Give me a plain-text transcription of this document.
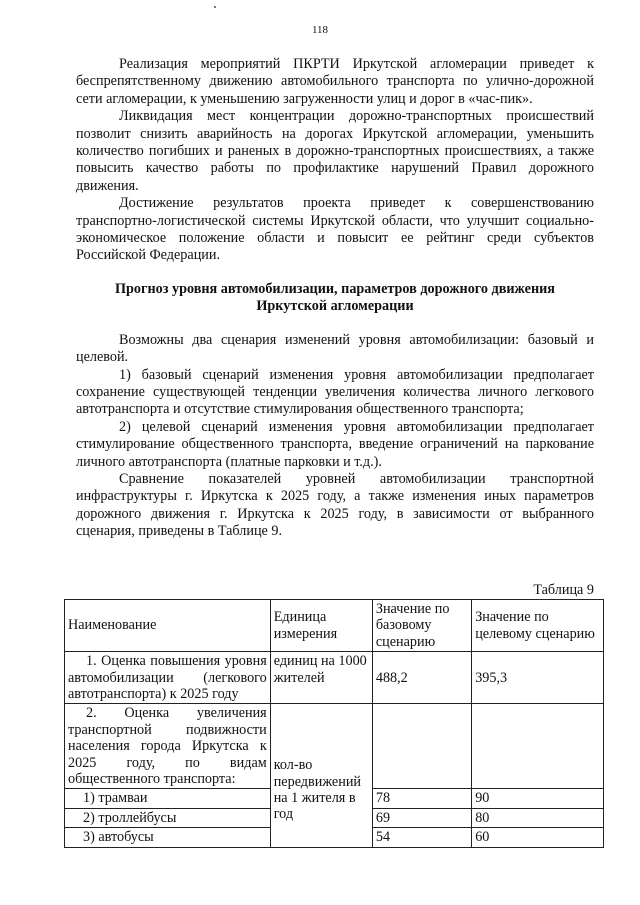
118

Реализация мероприятий ПКРТИ Иркутской агломерации приведет к беспрепятственному движению автомобильного транспорта по улично-дорожной сети агломерации, к уменьшению загруженности улиц и дорог в «час-пик».

Ликвидация мест концентрации дорожно-транспортных происшествий позволит снизить аварийность на дорогах Иркутской агломерации, уменьшить количество погибших и раненых в дорожно-транспортных происшествиях, а также повысить качество работы по профилактике нарушений Правил дорожного движения.

Достижение результатов проекта приведет к совершенствованию транспортно-логистической системы Иркутской области, что улучшит социально-экономическое положение области и повысит ее рейтинг среди субъектов Российской Федерации.

Прогноз уровня автомобилизации, параметров дорожного движения Иркутской агломерации

Возможны два сценария изменений уровня автомобилизации: базовый и целевой.

1) базовый сценарий изменения уровня автомобилизации предполагает сохранение существующей тенденции увеличения количества личного легкового автотранспорта и отсутствие стимулирования общественного транспорта;

2) целевой сценарий изменения уровня автомобилизации предполагает стимулирование общественного транспорта, введение ограничений на паркование личного автотранспорта (платные парковки и т.д.).

Сравнение показателей уровней автомобилизации транспортной инфраструктуры г. Иркутска к 2025 году, а также изменения иных параметров дорожного движения г. Иркутска к 2025 году, в зависимости от выбранного сценария, приведены в Таблице 9.

Таблица 9
Наименование	Единица измерения	Значение по базовому сценарию	Значение по целевому сценарию
1. Оценка повышения уровня автомобилизации (легкового автотранспорта) к 2025 году	единиц на 1000 жителей	488,2	395,3
2. Оценка увеличения транспортной подвижности населения города Иркутска к 2025 году, по видам общественного транспорта:	кол-во передвижений на 1 жителя в год		
1) трамваи		78	90
2) троллейбусы		69	80
3) автобусы		54	60
